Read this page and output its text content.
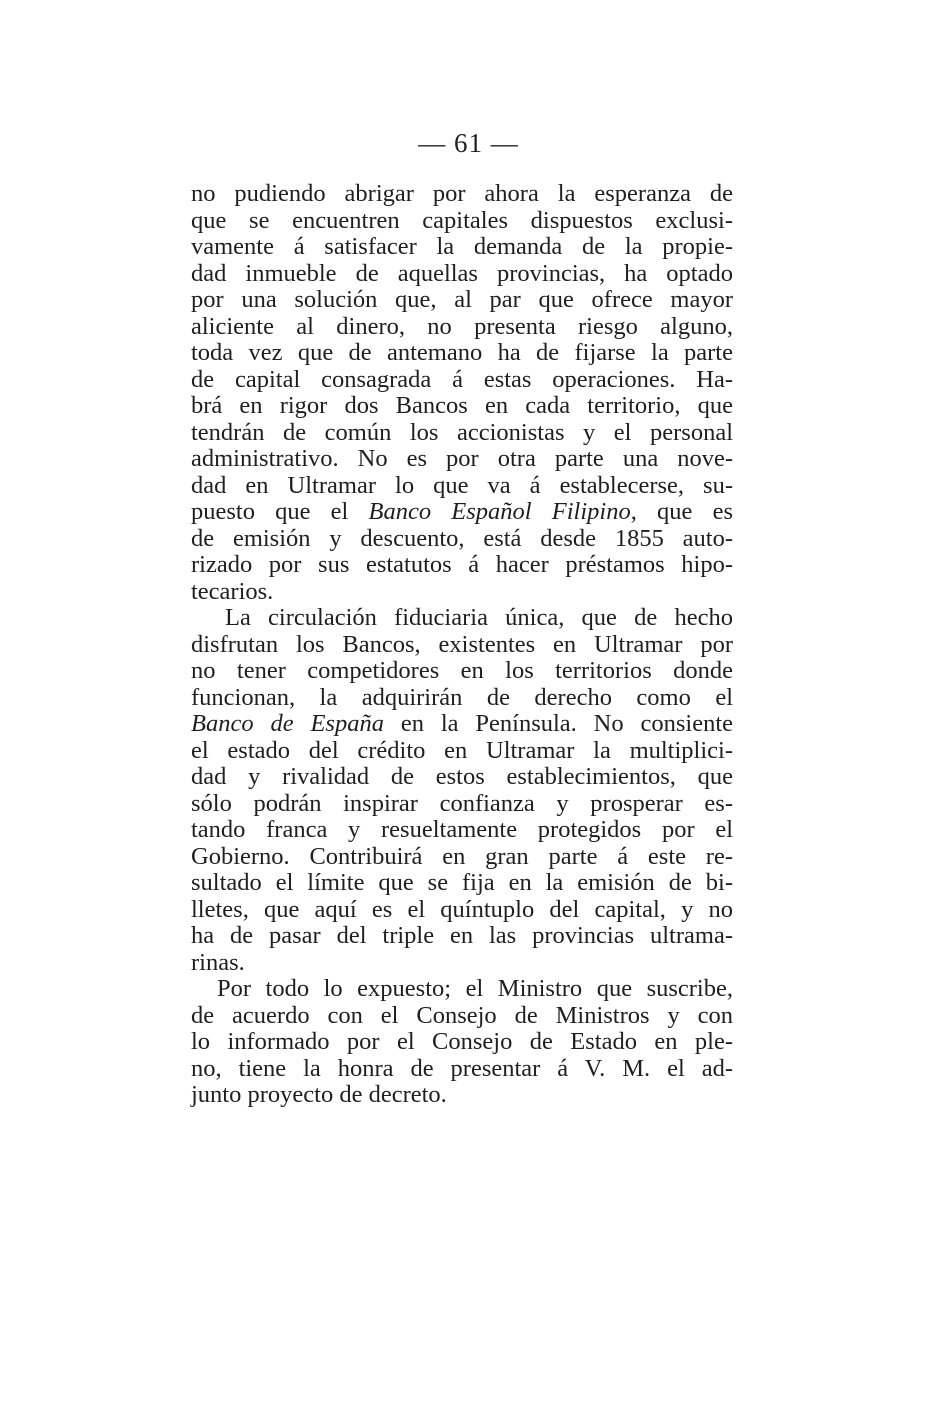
— 61 —
no pudiendo abrigar por ahora la esperanza de
que se encuentren capitales dispuestos exclusi-
vamente á satisfacer la demanda de la propie-
dad inmueble de aquellas provincias, ha optado
por una solución que, al par que ofrece mayor
aliciente al dinero, no presenta riesgo alguno,
toda vez que de antemano ha de fijarse la parte
de capital consagrada á estas operaciones. Ha-
brá en rigor dos Bancos en cada territorio, que
tendrán de común los accionistas y el personal
administrativo. No es por otra parte una nove-
dad en Ultramar lo que va á establecerse, su-
puesto que el Banco Español Filipino, que es
de emisión y descuento, está desde 1855 auto-
rizado por sus estatutos á hacer préstamos hipo-
tecarios.
La circulación fiduciaria única, que de hecho
disfrutan los Bancos, existentes en Ultramar por
no tener competidores en los territorios donde
funcionan, la adquirirán de derecho como el
Banco de España en la Península. No consiente
el estado del crédito en Ultramar la multiplici-
dad y rivalidad de estos establecimientos, que
sólo podrán inspirar confianza y prosperar es-
tando franca y resueltamente protegidos por el
Gobierno. Contribuirá en gran parte á este re-
sultado el límite que se fija en la emisión de bi-
lletes, que aquí es el quíntuplo del capital, y no
ha de pasar del triple en las provincias ultrama-
rinas.
Por todo lo expuesto; el Ministro que suscribe,
de acuerdo con el Consejo de Ministros y con
lo informado por el Consejo de Estado en ple-
no, tiene la honra de presentar á V. M. el ad-
junto proyecto de decreto.
